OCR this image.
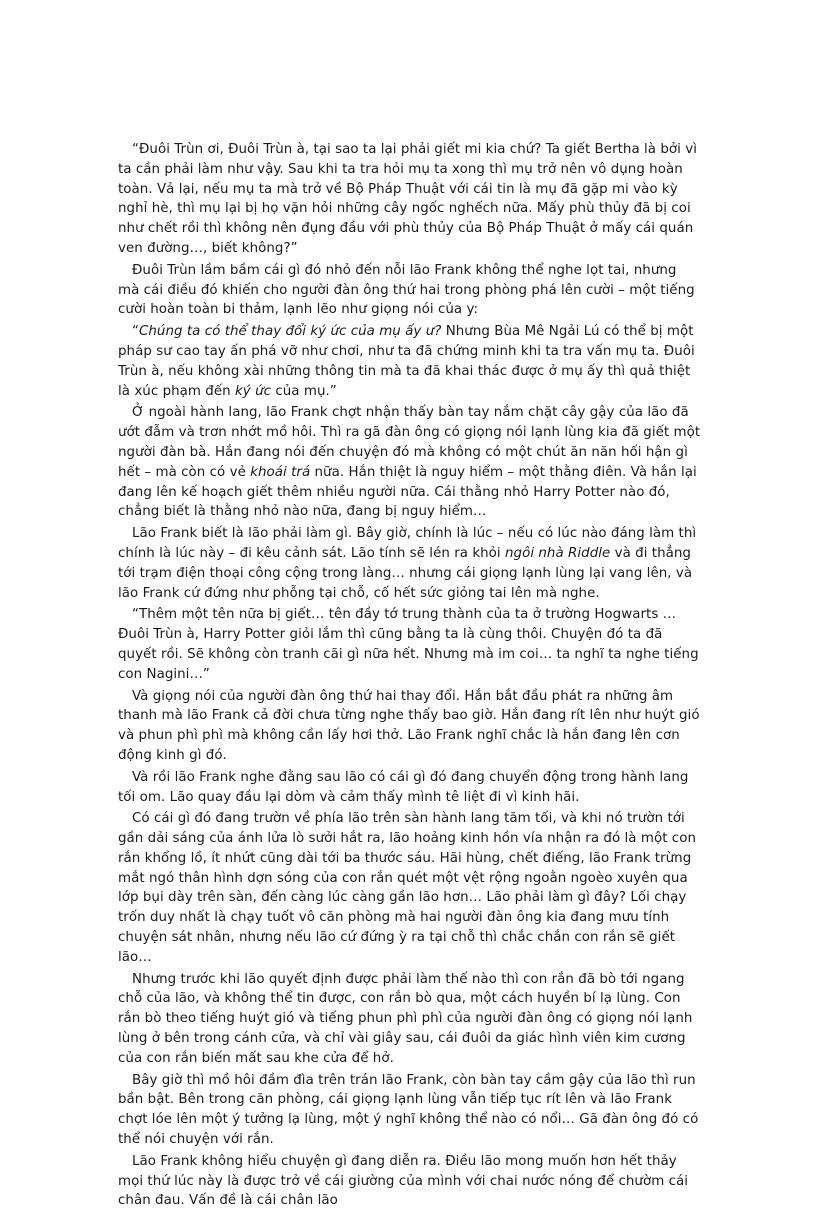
“Đuôi Trùn ơi, Đuôi Trùn à, tại sao ta lại phải giết mi kia chứ? Ta giết Bertha là bởi vì ta cần phải làm như vậy. Sau khi ta tra hỏi mụ ta xong thì mụ trở nên vô dụng hoàn toàn. Vả lại, nếu mụ ta mà trở về Bộ Pháp Thuật với cái tin là mụ đã gặp mi vào kỳ nghỉ hè, thì mụ lại bị họ vặn hỏi những cây ngốc nghếch nữa. Mấy phù thủy đã bị coi như chết rồi thì không nên đụng đầu với phù thủy của Bộ Pháp Thuật ở mấy cái quán ven đường…, biết không?”

Đuôi Trùn lầm bầm cái gì đó nhỏ đến nỗi lão Frank không thể nghe lọt tai, nhưng mà cái điều đó khiến cho người đàn ông thứ hai trong phòng phá lên cười – một tiếng cười hoàn toàn bi thảm, lạnh lẽo như giọng nói của y:

“Chúng ta có thể thay đổi ký ức của mụ ấy ư? Nhưng Bùa Mê Ngải Lú có thể bị một pháp sư cao tay ấn phá vỡ như chơi, như ta đã chứng minh khi ta tra vấn mụ ta. Đuôi Trùn à, nếu không xài những thông tin mà ta đã khai thác được ở mụ ấy thì quả thiệt là xúc phạm đến ký ức của mụ.”

Ở ngoài hành lang, lão Frank chợt nhận thấy bàn tay nắm chặt cây gậy của lão đã ướt đẫm và trơn nhớt mồ hôi. Thì ra gã đàn ông có giọng nói lạnh lùng kia đã giết một người đàn bà. Hắn đang nói đến chuyện đó mà không có một chút ăn năn hối hận gì hết – mà còn có vẻ khoái trá nữa. Hắn thiệt là nguy hiểm – một thằng điên. Và hắn lại đang lên kế hoạch giết thêm nhiều người nữa. Cái thằng nhỏ Harry Potter nào đó, chẳng biết là thằng nhỏ nào nữa, đang bị nguy hiểm…

Lão Frank biết là lão phải làm gì. Bây giờ, chính là lúc – nếu có lúc nào đáng làm thì chính là lúc này – đi kêu cảnh sát. Lão tính sẽ lén ra khỏi ngôi nhà Riddle và đi thẳng tới trạm điện thoại công cộng trong làng… nhưng cái giọng lạnh lùng lại vang lên, và lão Frank cứ đứng như phỗng tại chỗ, cố hết sức giỏng tai lên mà nghe.

“Thêm một tên nữa bị giết… tên đầy tớ trung thành của ta ở trường Hogwarts …Đuôi Trùn à, Harry Potter giỏi lắm thì cũng bằng ta là cùng thôi. Chuyện đó ta đã quyết rồi. Sẽ không còn tranh cãi gì nữa hết. Nhưng mà im coi… ta nghĩ ta nghe tiếng con Nagini…”

Và giọng nói của người đàn ông thứ hai thay đổi. Hắn bắt đầu phát ra những âm thanh mà lão Frank cả đời chưa từng nghe thấy bao giờ. Hắn đang rít lên như huýt gió và phun phì phì mà không cần lấy hơi thở. Lão Frank nghĩ chắc là hắn đang lên cơn động kinh gì đó.

Và rồi lão Frank nghe đằng sau lão có cái gì đó đang chuyển động trong hành lang tối om. Lão quay đầu lại dòm và cảm thấy mình tê liệt đi vì kinh hãi.

Có cái gì đó đang trườn về phía lão trên sàn hành lang tăm tối, và khi nó trườn tới gần dải sáng của ánh lửa lò sưởi hắt ra, lão hoảng kinh hồn vía nhận ra đó là một con rắn khổng lồ, ít nhứt cũng dài tới ba thước sáu. Hãi hùng, chết điếng, lão Frank trừng mắt ngó thân hình dợn sóng của con rắn quét một vệt rộng ngoằn ngoèo xuyên qua lớp bụi dày trên sàn, đến càng lúc càng gần lão hơn… Lão phải làm gì đây? Lối chạy trốn duy nhất là chạy tuốt vô căn phòng mà hai người đàn ông kia đang mưu tính chuyện sát nhân, nhưng nếu lão cứ đứng ỳ ra tại chỗ thì chắc chắn con rắn sẽ giết lão…

Nhưng trước khi lão quyết định được phải làm thế nào thì con rắn đã bò tới ngang chỗ của lão, và không thể tin được, con rắn bò qua, một cách huyền bí lạ lùng. Con rắn bò theo tiếng huýt gió và tiếng phun phì phì của người đàn ông có giọng nói lạnh lùng ở bên trong cánh cửa, và chỉ vài giây sau, cái đuôi da giác hình viên kim cương của con rắn biến mất sau khe cửa để hở.

Bây giờ thì mồ hôi đầm đìa trên trán lão Frank, còn bàn tay cầm gậy của lão thì run bần bật. Bên trong căn phòng, cái giọng lạnh lùng vẫn tiếp tục rít lên và lão Frank chợt lóe lên một ý tưởng lạ lùng, một ý nghĩ không thể nào có nổi… Gã đàn ông đó có thể nói chuyện với rắn.

Lão Frank không hiểu chuyện gì đang diễn ra. Điều lão mong muốn hơn hết thảy mọi thứ lúc này là được trở về cái giường của mình với chai nước nóng để chườm cái chân đau. Vấn đề là cái chân lão
